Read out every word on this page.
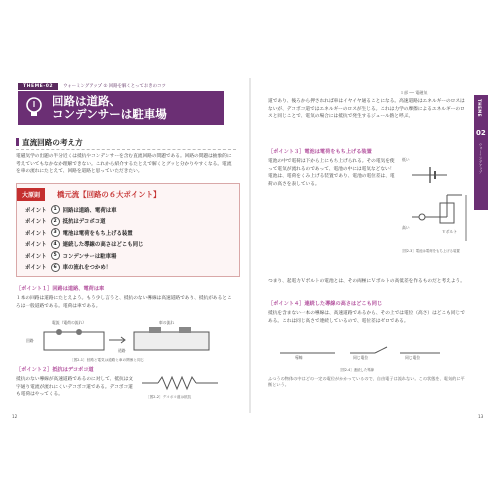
THEME-02	ウォーミングアップ ② 回路を解くとっておきのコツ
回路は道路、
コンデンサーは駐車場
直流回路の考え方
電磁気学の出題の半分近くは抵抗やコンデンサーを含む直流回路の問題である。回路の問題は抽象的に考えていてもなかなか理解できない。これから紹介するたとえで解くとグッと分かりやすくなる。電流を車の流れにたとえて、回路を道路と思っていただきたい。
大原則	橋元流【回路の６大ポイント】
ポイント	1	回路は道路、電荷は車
ポイント	2	抵抗はデコボコ道
ポイント	3	電池は電荷をもち上げる装置
ポイント	4	連続した導線の高さはどこも同じ
ポイント	5	コンデンサーは駐車場
ポイント	6	車の流れをつかめ！
［ポイント１］回路は道路、電荷は車
１本の回路は道路にたとえよう。もう少し言うと、抵抗のない導線は高速道路であり、抵抗があるところは一般道路である。電荷は車である。
電流（電荷の流れ）	車の流れ
回路
道路
［図2-1］回路と電気は道路と車の関係と同じ
［ポイント２］抵抗はデコボコ道
抵抗のない導線が高速道路であるのに対して、抵抗は文字通り電流が流れにくいデコボコ道である。デコボコ道も電荷はやってくる。	［図2-2］デコボコ道は抵抗
12
１部 ── 電磁気
THEME
02
ウォーミングアップ
道であり、後ろから押されれば車はイヤイヤ通ることになる。高速道路はエネルギーのロスはないが、デコボコ道ではエネルギーのロスが生じる。これは力学の摩擦によるエネルギーのロスと同じことで、電気の場合には抵抗で発生するジュール熱と呼ぶ。
［ポイント３］電池は電荷をもち上げる装置
電池の中で電荷は下から上にもち上げられる。その電気を使って電気が流れるのであって、電池の中には電気などない！電池は、電荷をくみ上げる装置であり、電池の電位差は、電荷の高さを表している。
低い
高い
Ｖボルト
［図2-3］電池は電荷をもち上げる装置
つまり、起電力Ｖボルトの電池とは、その両極にＶボルトの高低差を作るものだと考えよう。
［ポイント４］連続した導線の高さはどこも同じ
抵抗を含まない一本の導線は、高速道路であるから、その上では電位（高さ）はどこも同じである。これは同じ高さで連続しているので、電位差はゼロである。
導線	同じ電位	同じ電位
［図2-4］連続した導線
ふつうの物体の中はどの一定の電位がかかっているので、自由電子は流れない。この状態を、電気的に平衡という。
13
